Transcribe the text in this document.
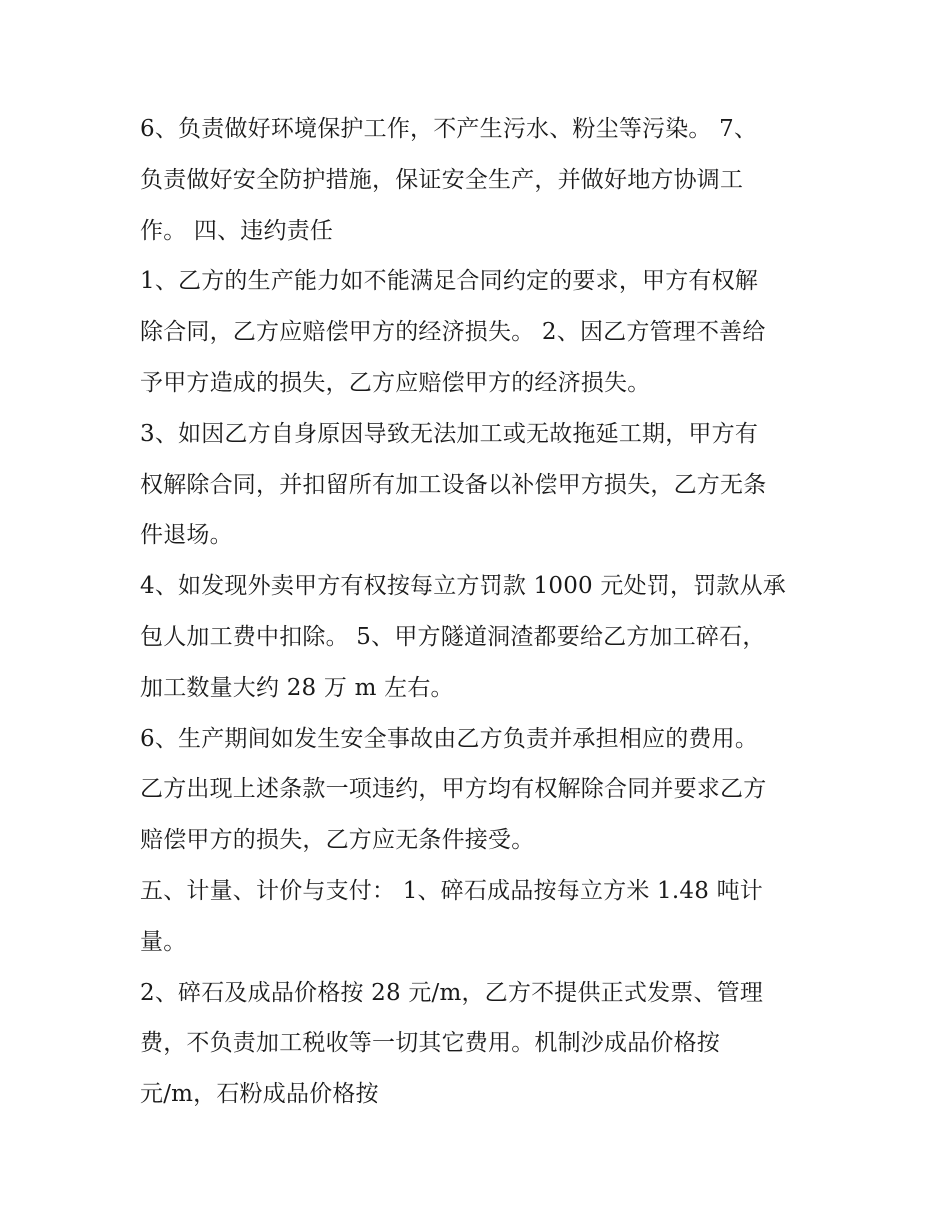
6、负责做好环境保护工作，不产生污水、粉尘等污染。 7、
负责做好安全防护措施，保证安全生产，并做好地方协调工
作。 四、违约责任
1、乙方的生产能力如不能满足合同约定的要求，甲方有权解
除合同，乙方应赔偿甲方的经济损失。 2、因乙方管理不善给
予甲方造成的损失，乙方应赔偿甲方的经济损失。
3、如因乙方自身原因导致无法加工或无故拖延工期，甲方有
权解除合同，并扣留所有加工设备以补偿甲方损失，乙方无条
件退场。
4、如发现外卖甲方有权按每立方罚款 1000 元处罚，罚款从承
包人加工费中扣除。 5、甲方隧道洞渣都要给乙方加工碎石，
加工数量大约 28 万 m 左右。
6、生产期间如发生安全事故由乙方负责并承担相应的费用。
乙方出现上述条款一项违约，甲方均有权解除合同并要求乙方
赔偿甲方的损失，乙方应无条件接受。
五、计量、计价与支付： 1、碎石成品按每立方米 1.48 吨计
量。
2、碎石及成品价格按 28 元/m，乙方不提供正式发票、管理
费，不负责加工税收等一切其它费用。机制沙成品价格按
元/m，石粉成品价格按
